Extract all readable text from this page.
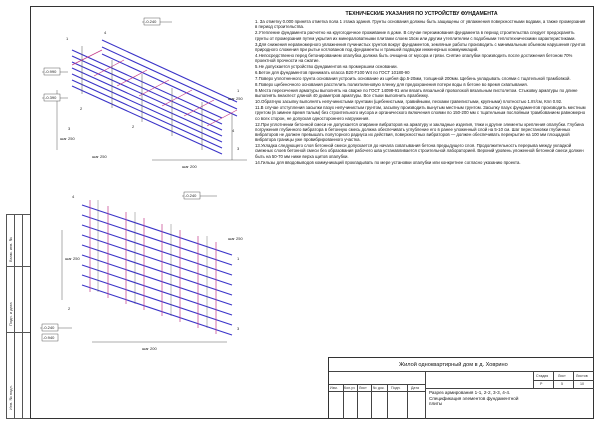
Взам. инв. №
Подп. и дата
Инв. № подл.
-0.240
-0.990
-0.390
шаг 250
шаг 200
шаг 250
шаг 250
4
4
1
1
2
2
3
3
-0.240
-0.240
-0.940
шаг 250
шаг 250
шаг 200
4
1
2
3
ТЕХНИЧЕСКИЕ УКАЗАНИЯ ПО УСТРОЙСТВУ ФУНДАМЕНТА
1. За отметку 0.000 принята отметка пола 1 этажа здания. Грунты основания должны быть защищены от увлажнения поверхностными водами, а также промерзания в период строительства.
2.Утепление фундамента расчетно на кругогодичное проживание в доме. В случае перезимования фундамента в период строительства следует предохранять грунты от промерзания путем укрытия их минераловатными плитами слоем 15см или другим утеплителем с подобными теплотехническими характеристиками.
3.Для снижения неравномерного увлажнения пучинистых грунтов вокруг фундаментов, земляные работы производить с минимальным объемом нарушения грунтов природного сложения при рытье котлованов под фундаменты и траншей подводки инженерных коммуникаций.
4.Непосредственно перед бетонированием опалубка должна быть очищена от мусора и грязи. Снятие опалубки производить после достижения бетоном 70% проектной прочности на сжатие.
5.Не допускается устройство фундаментов на промерзшем основании.
6.Бетон для фундаментов принимать класса B20 F100 W4 по ГОСТ 10180-90
7.Поверх уплотненного грунта основания устроить основание из щебня фр.5-20мм, толщиной 200мм. Щебень укладывать слоями с тщательной трамбовкой.
8.Поверх щебеночного основания расстелить полиэтиленовую пленку для предохранения потери воды в бетоне во время схватывания.
9.Места пересечения арматуры выполнять на сварке по ГОСТ 14098-91 или вязать вязальной проволокой вязальным пистолетом. Стыковку арматуры по длине выполнять внахлест длиной 40 диаметров арматуры. Все стыки выполнить вразбежку.
10.Обратную засыпку выполнять непучинистыми грунтами (щебенистыми, гравийными, песками гравелистыми, крупными) плотностью 1.8т/см, Кпл 0.92.
11.В случае отступления засыпки пазух непучинистым грунтом, засыпку производить вынутым местным грунтом. Засыпку пазух фундаментов производить местным грунтом (в зимнее время талым) без строительного мусора и органического включения слоями по 150-200 мм с тщательным послойным трамбованием равномерно со всех сторон, не допуская одностороннего нагружения.
12.При уплотнении бетонной смеси не допускается опирание вибраторов на арматуру и закладные изделия, тяжи и другие элементы крепления опалубки. Глубина погружения глубинного вибратора в бетонную смесь должна обеспечивать углубление его в ранее уложенный слой на 5-10 см. Шаг перестановки глубинных вибраторов не должен превышать полуторного радиуса их действия, поверхностных вибраторов — должен обеспечивать перекрытие на 100 мм площадкой вибратора границы уже провибрированного участка.
13.Укладка следующего слоя бетонной смеси допускается до начала схватывания бетона предыдущего слоя. Продолжительность перерыва между укладкой смежных слоев бетонной смеси без образования рабочего шва устанавливается строительной лабораторией. Верхний уровень уложенной бетонной смеси должен быть на 50-70 мм ниже верха щитов опалубки.
14.Гильзы для вводовыводов коммуникаций прокладывать по мере установки опалубки или конкретнее согласно указанию проекта.
Жилой одноквартирный дом в д. Ховрино
Разрез армирования 1-1, 2-2, 3-3, 4-4. Спецификация элементов фундаментной плиты
Изм. Кол.уч Лист № док. Подп.	Дата
Стадия	Лист	Листов
Р	5	10
